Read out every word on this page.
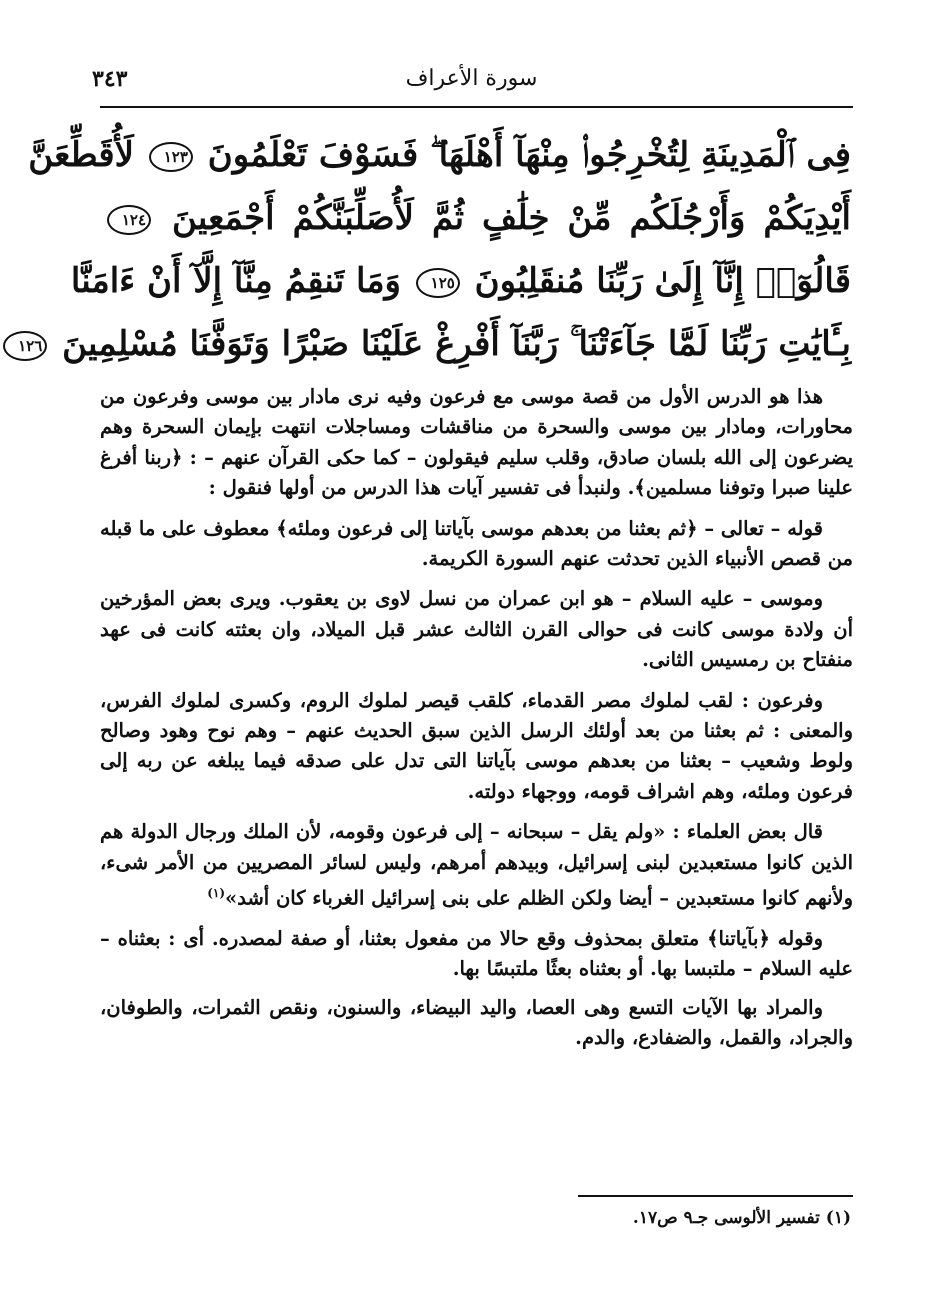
٣٤٣	سورة الأعراف
فِى ٱلْمَدِينَةِ لِتُخْرِجُوا۟ مِنْهَآ أَهْلَهَا ۖ فَسَوْفَ تَعْلَمُونَ ١٢٣ لَأُقَطِّعَنَّ
أَيْدِيَكُمْ وَأَرْجُلَكُم مِّنْ خِلَٰفٍ ثُمَّ لَأُصَلِّبَنَّكُمْ أَجْمَعِينَ ١٢٤
قَالُوٓا۟ إِنَّآ إِلَىٰ رَبِّنَا مُنقَلِبُونَ ١٢٥ وَمَا تَنقِمُ مِنَّآ إِلَّآ أَنْ ءَامَنَّا
بِـَٔايَٰتِ رَبِّنَا لَمَّا جَآءَتْنَا ۚ رَبَّنَآ أَفْرِغْ عَلَيْنَا صَبْرًا وَتَوَفَّنَا مُسْلِمِينَ ١٢٦

هذا هو الدرس الأول من قصة موسى مع فرعون وفيه نرى مادار بين موسى وفرعون من محاورات، ومادار بين موسى والسحرة من مناقشات ومساجلات انتهت بإيمان السحرة وهم يضرعون إلى الله بلسان صادق، وقلب سليم فيقولون – كما حكى القرآن عنهم – : ﴿ربنا أفرغ علينا صبرا وتوفنا مسلمين﴾. ولنبدأ فى تفسير آيات هذا الدرس من أولها فنقول :

قوله – تعالى – ﴿ثم بعثنا من بعدهم موسى بآياتنا إلى فرعون وملئه﴾ معطوف على ما قبله من قصص الأنبياء الذين تحدثت عنهم السورة الكريمة.

وموسى – عليه السلام – هو ابن عمران من نسل لاوى بن يعقوب. ويرى بعض المؤرخين أن ولادة موسى كانت فى حوالى القرن الثالث عشر قبل الميلاد، وان بعثته كانت فى عهد منفتاح بن رمسيس الثانى.

وفرعون : لقب لملوك مصر القدماء، كلقب قيصر لملوك الروم، وكسرى لملوك الفرس، والمعنى : ثم بعثنا من بعد أولئك الرسل الذين سبق الحديث عنهم – وهم نوح وهود وصالح ولوط وشعيب – بعثنا من بعدهم موسى بآياتنا التى تدل على صدقه فيما يبلغه عن ربه إلى فرعون وملئه، وهم اشراف قومه، ووجهاء دولته.

قال بعض العلماء : «ولم يقل – سبحانه – إلى فرعون وقومه، لأن الملك ورجال الدولة هم الذين كانوا مستعبدين لبنى إسرائيل، وبيدهم أمرهم، وليس لسائر المصريين من الأمر شىء، ولأنهم كانوا مستعبدين – أيضا ولكن الظلم على بنى إسرائيل الغرباء كان أشد»$^{(١)}$

وقوله ﴿بآياتنا﴾ متعلق بمحذوف وقع حالا من مفعول بعثنا، أو صفة لمصدره. أى : بعثناه – عليه السلام – ملتبسا بها. أو بعثناه بعثًا ملتبسًا بها.

والمراد بها الآيات التسع وهى العصا، واليد البيضاء، والسنون، ونقص الثمرات، والطوفان، والجراد، والقمل، والضفادع، والدم.

(١) تفسير الألوسى جـ٩ ص١٧.
